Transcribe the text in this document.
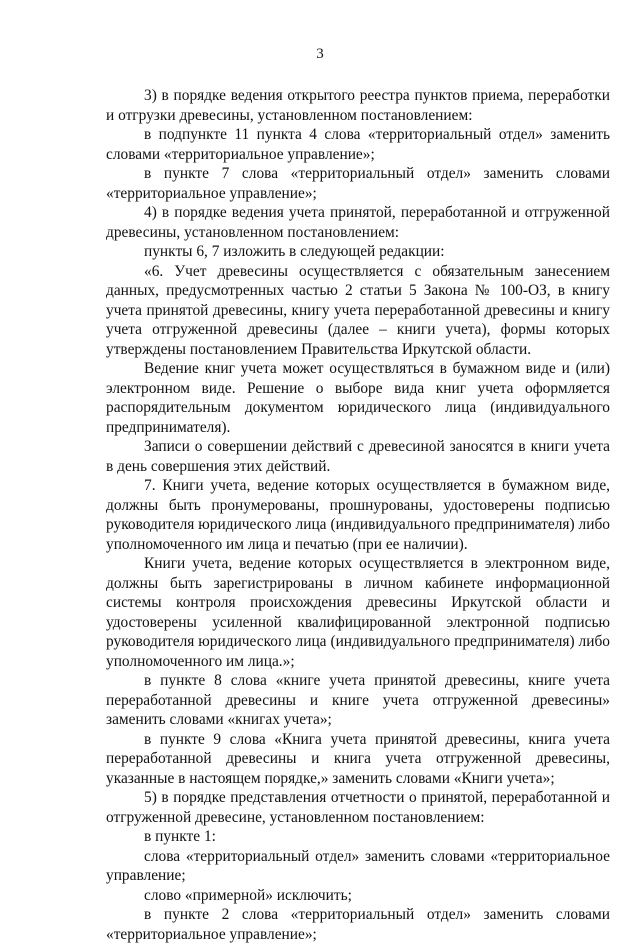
3

3) в порядке ведения открытого реестра пунктов приема, переработки и отгрузки древесины, установленном постановлением:

в подпункте 11 пункта 4 слова «территориальный отдел» заменить словами «территориальное управление»;

в пункте 7 слова «территориальный отдел» заменить словами «территориальное управление»;

4) в порядке ведения учета принятой, переработанной и отгруженной древесины, установленном постановлением:

пункты 6, 7 изложить в следующей редакции:

«6. Учет древесины осуществляется с обязательным занесением данных, предусмотренных частью 2 статьи 5 Закона № 100-ОЗ, в книгу учета принятой древесины, книгу учета переработанной древесины и книгу учета отгруженной древесины (далее – книги учета), формы которых утверждены постановлением Правительства Иркутской области.

Ведение книг учета может осуществляться в бумажном виде и (или) электронном виде. Решение о выборе вида книг учета оформляется распорядительным документом юридического лица (индивидуального предпринимателя).

Записи о совершении действий с древесиной заносятся в книги учета в день совершения этих действий.

7. Книги учета, ведение которых осуществляется в бумажном виде, должны быть пронумерованы, прошнурованы, удостоверены подписью руководителя юридического лица (индивидуального предпринимателя) либо уполномоченного им лица и печатью (при ее наличии).

Книги учета, ведение которых осуществляется в электронном виде, должны быть зарегистрированы в личном кабинете информационной системы контроля происхождения древесины Иркутской области и удостоверены усиленной квалифицированной электронной подписью руководителя юридического лица (индивидуального предпринимателя) либо уполномоченного им лица.»;

в пункте 8 слова «книге учета принятой древесины, книге учета переработанной древесины и книге учета отгруженной древесины» заменить словами «книгах учета»;

в пункте 9 слова «Книга учета принятой древесины, книга учета переработанной древесины и книга учета отгруженной древесины, указанные в настоящем порядке,» заменить словами «Книги учета»;

5) в порядке представления отчетности о принятой, переработанной и отгруженной древесине, установленном постановлением:

в пункте 1:

слова «территориальный отдел» заменить словами «территориальное управление;

слово «примерной» исключить;

в пункте 2 слова «территориальный отдел» заменить словами «территориальное управление»;
